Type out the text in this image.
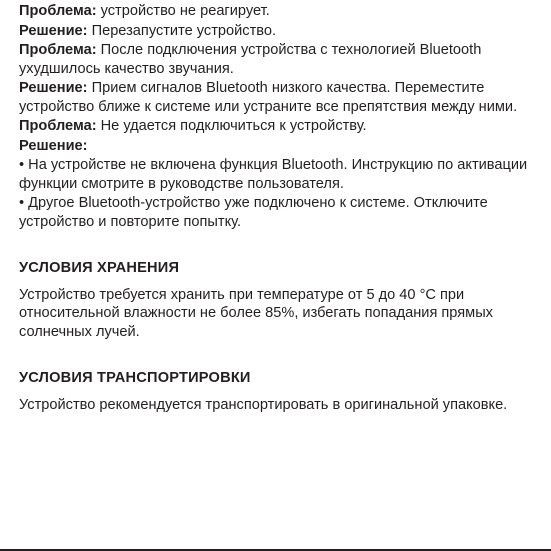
Проблема: устройство не реагирует.

Решение: Перезапустите устройство.

Проблема: После подключения устройства с технологией Bluetooth ухудшилось качество звучания.

Решение: Прием сигналов Bluetooth низкого качества. Переместите устройство ближе к системе или устраните все препятствия между ними.

Проблема: Не удается подключиться к устройству.

Решение:

• На устройстве не включена функция Bluetooth. Инструкцию по активации функции смотрите в руководстве пользователя.

• Другое Bluetooth-устройство уже подключено к системе. Отключите устройство и повторите попытку.

УСЛОВИЯ ХРАНЕНИЯ

Устройство требуется хранить при температуре от 5 до 40 °С при относительной влажности не более 85%, избегать попадания прямых солнечных лучей.

УСЛОВИЯ ТРАНСПОРТИРОВКИ

Устройство рекомендуется транспортировать в оригинальной упаковке.
